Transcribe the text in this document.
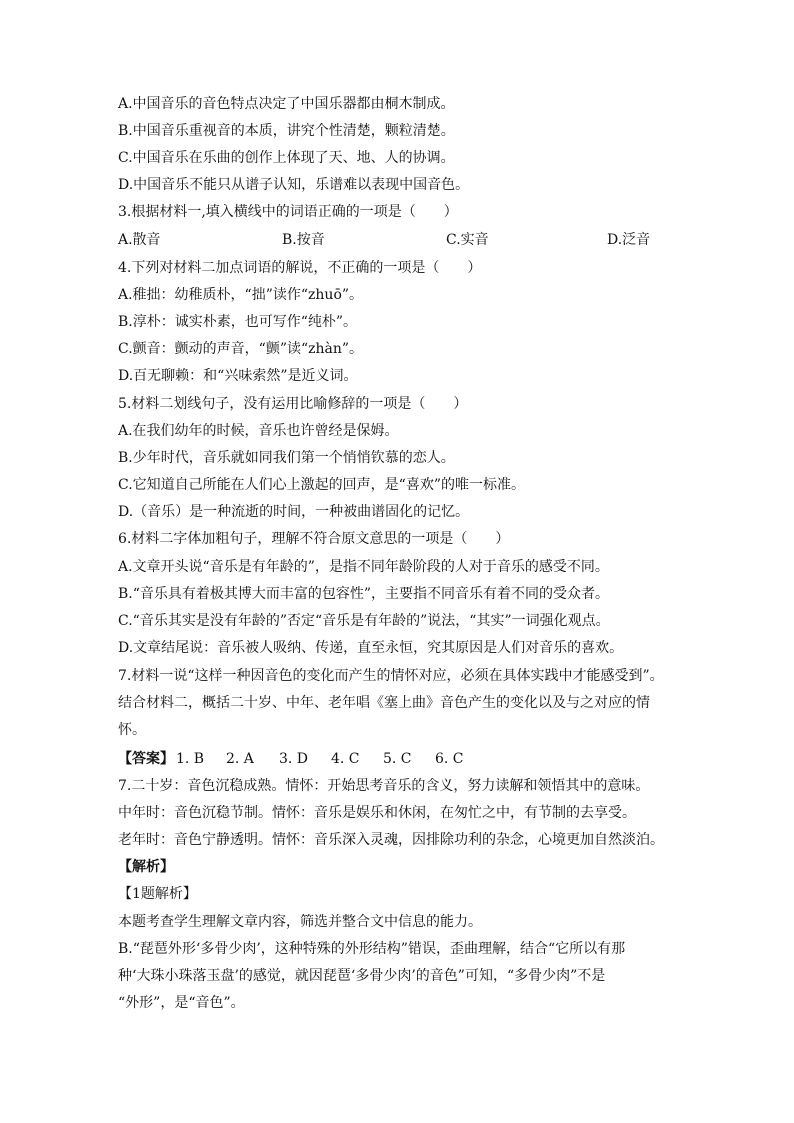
A.中国音乐的音色特点决定了中国乐器都由桐木制成。
B.中国音乐重视音的本质，讲究个性清楚，颗粒清楚。
C.中国音乐在乐曲的创作上体现了天、地、人的协调。
D.中国音乐不能只从谱子认知，乐谱难以表现中国音色。
3.根据材料一,填入横线中的词语正确的一项是（　　）
A.散音	B.按音	C.实音	D.泛音
4.下列对材料二加点词语的解说，不正确的一项是（　　）
A.稚拙：幼稚质朴，“拙”读作“zhuō”。
B.淳朴：诚实朴素，也可写作“纯朴”。
C.颤音：颤动的声音，“颤”读“zhàn”。
D.百无聊赖：和“兴味索然”是近义词。
5.材料二划线句子，没有运用比喻修辞的一项是（　　）
A.在我们幼年的时候，音乐也许曾经是保姆。
B.少年时代，音乐就如同我们第一个悄悄钦慕的恋人。
C.它知道自己所能在人们心上激起的回声，是“喜欢”的唯一标准。
D.（音乐）是一种流逝的时间，一种被曲谱固化的记忆。
6.材料二字体加粗句子，理解不符合原文意思的一项是（　　）
A.文章开头说“音乐是有年龄的”，是指不同年龄阶段的人对于音乐的感受不同。
B.“音乐具有着极其博大而丰富的包容性”，主要指不同音乐有着不同的受众者。
C.“音乐其实是没有年龄的”否定“音乐是有年龄的”说法，“其实”一词强化观点。
D.文章结尾说：音乐被人吸纳、传递，直至永恒，究其原因是人们对音乐的喜欢。
7.材料一说“这样一种因音色的变化而产生的情怀对应，必须在具体实践中才能感受到”。
结合材料二，概括二十岁、中年、老年唱《塞上曲》音色产生的变化以及与之对应的情
怀。
【答案】 1. B 2. A 3. D 4. C 5. C 6. C
7.二十岁：音色沉稳成熟。情怀：开始思考音乐的含义，努力读解和领悟其中的意味。
中年时：音色沉稳节制。情怀：音乐是娱乐和休闲，在匆忙之中，有节制的去享受。
老年时：音色宁静透明。情怀：音乐深入灵魂，因排除功利的杂念，心境更加自然淡泊。
【解析】
【1题解析】
本题考查学生理解文章内容，筛选并整合文中信息的能力。
B.“琵琶外形‘多骨少肉’，这种特殊的外形结构”错误，歪曲理解，结合“它所以有那
种‘大珠小珠落玉盘’的感觉，就因琵琶‘多骨少肉’的音色”可知，“多骨少肉”不是
“外形”，是“音色”。
